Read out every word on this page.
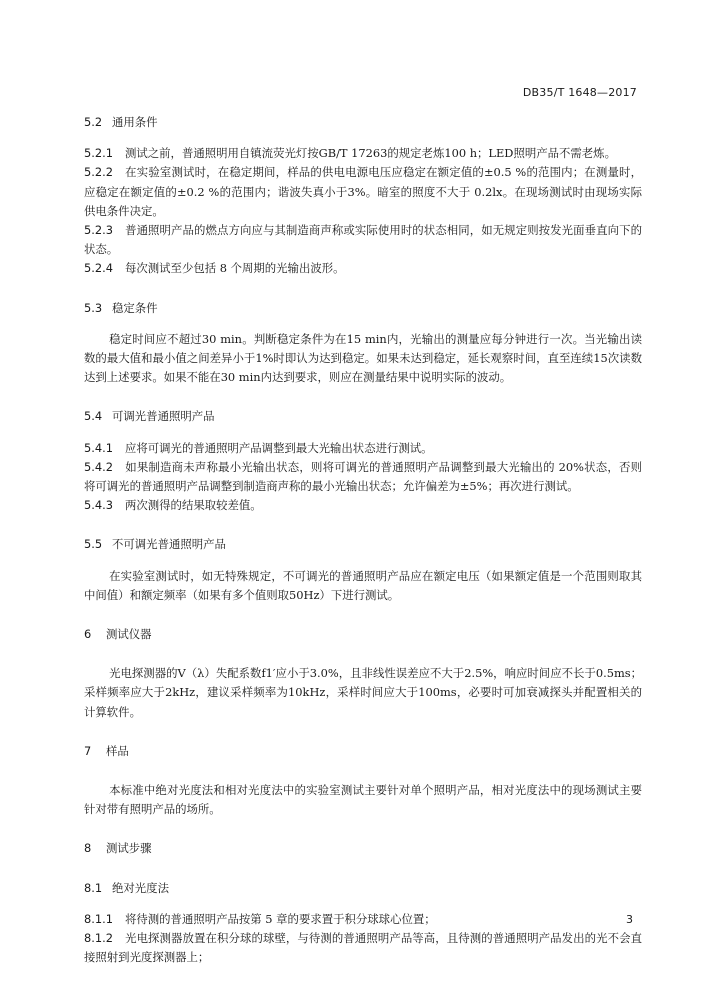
DB35/T 1648—2017
5.2 通用条件

5.2.1 测试之前，普通照明用自镇流荧光灯按GB/T 17263的规定老炼100 h；LED照明产品不需老炼。

5.2.2 在实验室测试时，在稳定期间，样品的供电电源电压应稳定在额定值的±0.5 %的范围内；在测量时，应稳定在额定值的±0.2 %的范围内；谐波失真小于3%。暗室的照度不大于 0.2lx。在现场测试时由现场实际供电条件决定。

5.2.3 普通照明产品的燃点方向应与其制造商声称或实际使用时的状态相同，如无规定则按发光面垂直向下的状态。

5.2.4 每次测试至少包括 8 个周期的光输出波形。

5.3 稳定条件

稳定时间应不超过30 min。判断稳定条件为在15 min内，光输出的测量应每分钟进行一次。当光输出读数的最大值和最小值之间差异小于1%时即认为达到稳定。如果未达到稳定，延长观察时间，直至连续15次读数达到上述要求。如果不能在30 min内达到要求，则应在测量结果中说明实际的波动。

5.4 可调光普通照明产品

5.4.1 应将可调光的普通照明产品调整到最大光输出状态进行测试。

5.4.2 如果制造商未声称最小光输出状态，则将可调光的普通照明产品调整到最大光输出的 20%状态，否则将可调光的普通照明产品调整到制造商声称的最小光输出状态；允许偏差为±5%；再次进行测试。

5.4.3 两次测得的结果取较差值。

5.5 不可调光普通照明产品

在实验室测试时，如无特殊规定，不可调光的普通照明产品应在额定电压（如果额定值是一个范围则取其中间值）和额定频率（如果有多个值则取50Hz）下进行测试。

6 测试仪器

光电探测器的V（λ）失配系数f1′应小于3.0%，且非线性误差应不大于2.5%，响应时间应不长于0.5ms；采样频率应大于2kHz，建议采样频率为10kHz，采样时间应大于100ms，必要时可加衰减探头并配置相关的计算软件。

7 样品

本标准中绝对光度法和相对光度法中的实验室测试主要针对单个照明产品，相对光度法中的现场测试主要针对带有照明产品的场所。

8 测试步骤
8.1 绝对光度法

8.1.1 将待测的普通照明产品按第 5 章的要求置于积分球球心位置；

8.1.2 光电探测器放置在积分球的球壁，与待测的普通照明产品等高，且待测的普通照明产品发出的光不会直接照射到光度探测器上；

3
